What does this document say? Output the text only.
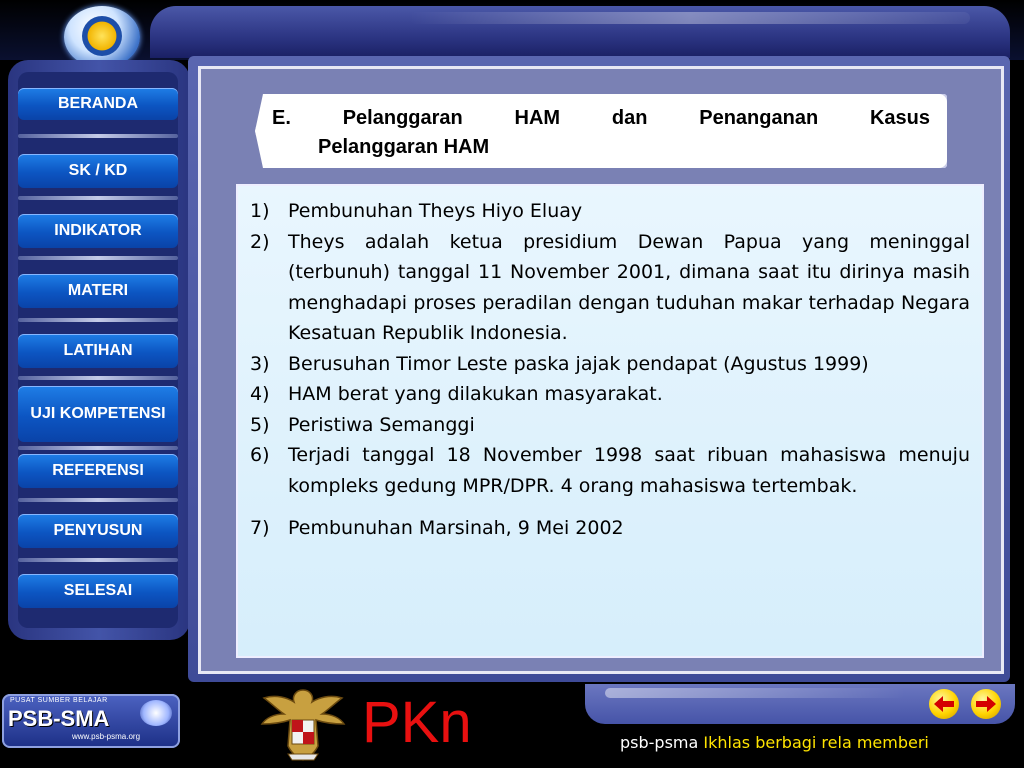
BERANDA
SK / KD
INDIKATOR
MATERI
LATIHAN
UJI KOMPETENSI
REFERENSI
PENYUSUN
SELESAI
E.	Pelanggaran	HAM	dan	Penanganan	Kasus
Pelanggaran HAM
1) Pembunuhan Theys Hiyo Eluay
2) Theys adalah ketua presidium Dewan Papua yang meninggal (terbunuh) tanggal 11 November 2001, dimana saat itu dirinya masih menghadapi proses peradilan dengan tuduhan makar terhadap Negara Kesatuan Republik Indonesia.
3) Berusuhan Timor Leste paska jajak pendapat (Agustus 1999)
4) HAM berat yang dilakukan masyarakat.
5) Peristiwa Semanggi
6) Terjadi tanggal 18 November 1998 saat ribuan mahasiswa menuju kompleks gedung MPR/DPR. 4 orang mahasiswa tertembak.
7) Pembunuhan Marsinah, 9 Mei 2002
PUSAT SUMBER BELAJAR
PSB-SMA
www.psb-psma.org	PKn	psb-psma Ikhlas berbagi rela memberi
